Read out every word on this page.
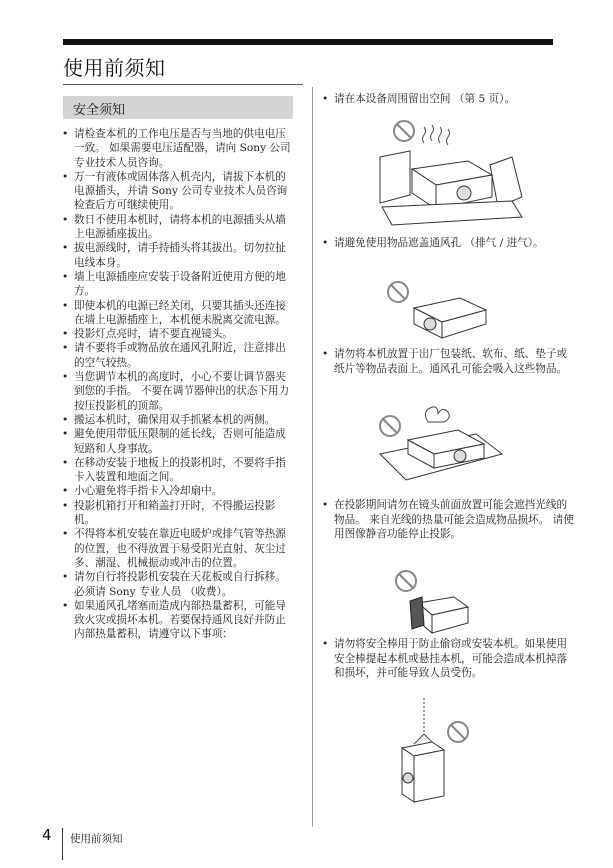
使用前须知
安全须知

• 请检查本机的工作电压是否与当地的供电电压一致。 如果需要电压适配器，请向 Sony 公司专业技术人员咨询。

• 万一有液体或固体落入机壳内，请拔下本机的电源插头，并请 Sony 公司专业技术人员咨询检查后方可继续使用。

• 数日不使用本机时，请将本机的电源插头从墙上电源插座拔出。

• 拔电源线时，请手持插头将其拔出。切勿拉扯电线本身。

• 墙上电源插座应安装于设备附近使用方便的地方。

• 即使本机的电源已经关闭，只要其插头还连接在墙上电源插座上，本机便未脱离交流电源。

• 投影灯点亮时，请不要直视镜头。

• 请不要将手或物品放在通风孔附近，注意排出的空气较热。

• 当您调节本机的高度时，小心不要让调节器夹到您的手指。 不要在调节器伸出的状态下用力按压投影机的顶部。

• 搬运本机时，确保用双手抓紧本机的两侧。

• 避免使用带低压限制的延长线，否则可能造成短路和人身事故。

• 在移动安装于地板上的投影机时，不要将手指卡入装置和地面之间。

• 小心避免将手指卡入冷却扇中。

• 投影机箱打开和箱盖打开时，不得搬运投影机。

• 不得将本机安装在靠近电暖炉或排气管等热源的位置，也不得放置于易受阳光直射、灰尘过多、潮湿、机械振动或冲击的位置。

• 请勿自行将投影机安装在天花板或自行拆移。必须请 Sony 专业人员 （收费）。

• 如果通风孔堵塞而造成内部热量蓄积，可能导致火灾或损坏本机。若要保持通风良好并防止内部热量蓄积，请遵守以下事项：

• 请在本设备周围留出空间 （第 5 页）。
• 请避免使用物品遮盖通风孔 （排气 / 进气）。
• 请勿将本机放置于出厂包装纸、软布、纸、垫子或纸片等物品表面上。通风孔可能会吸入这些物品。
• 在投影期间请勿在镜头前面放置可能会遮挡光线的物品。 来自光线的热量可能会造成物品损坏。 请使用图像静音功能停止投影。
• 请勿将安全棒用于防止偷窃或安装本机。如果使用安全棒提起本机或悬挂本机，可能会造成本机掉落和损坏，并可能导致人员受伤。
4 使用前须知
